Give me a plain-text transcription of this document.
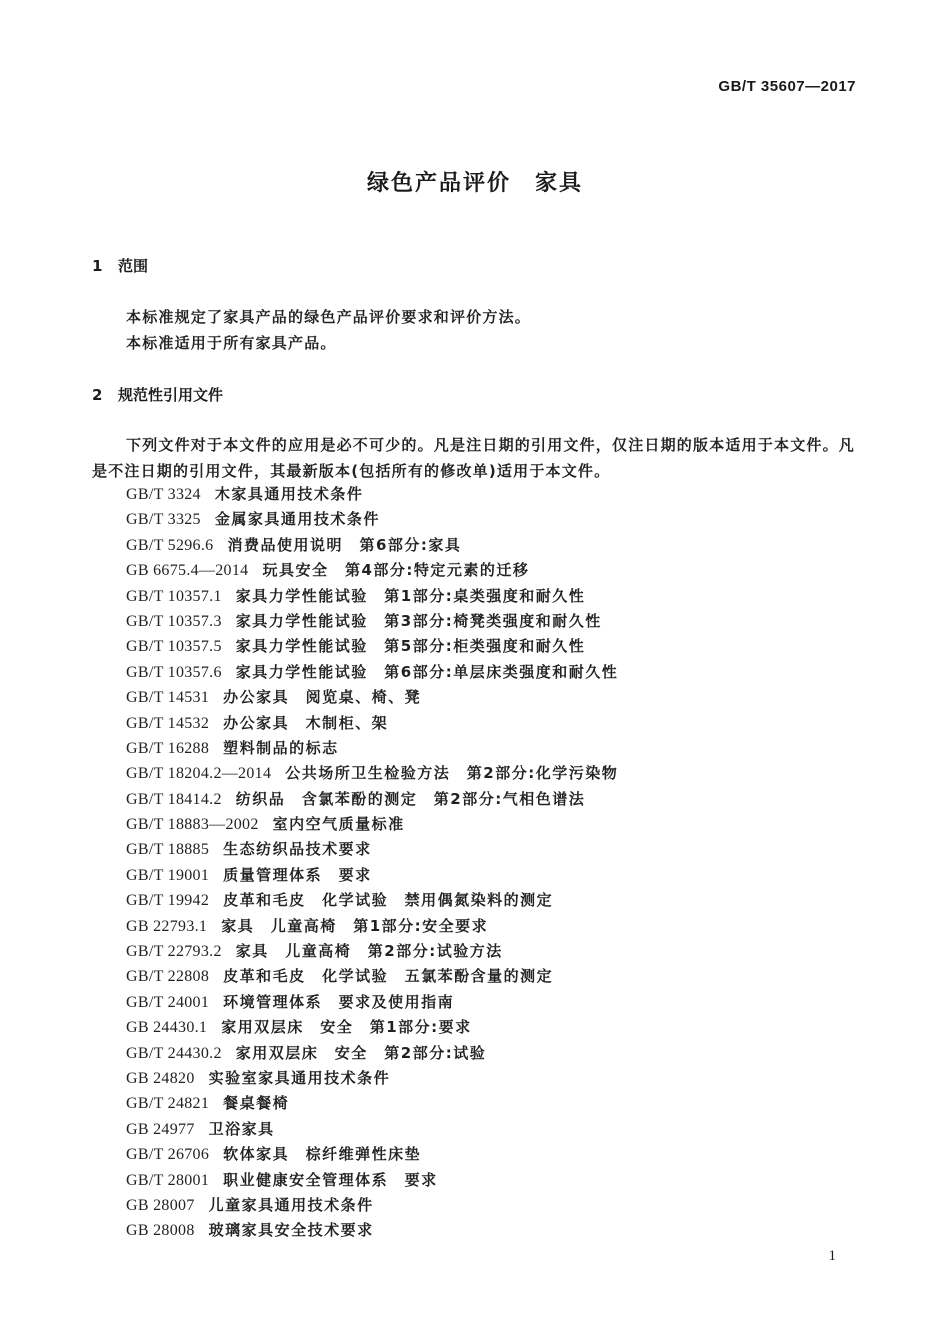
GB/T 35607—2017
绿色产品评价　家具
1 范围
本标准规定了家具产品的绿色产品评价要求和评价方法。
本标准适用于所有家具产品。
2 规范性引用文件
下列文件对于本文件的应用是必不可少的。凡是注日期的引用文件，仅注日期的版本适用于本文件。凡是不注日期的引用文件，其最新版本(包括所有的修改单)适用于本文件。
GB/T 3324 木家具通用技术条件
GB/T 3325 金属家具通用技术条件
GB/T 5296.6 消费品使用说明　第6部分:家具
GB 6675.4—2014 玩具安全　第4部分:特定元素的迁移
GB/T 10357.1 家具力学性能试验　第1部分:桌类强度和耐久性
GB/T 10357.3 家具力学性能试验　第3部分:椅凳类强度和耐久性
GB/T 10357.5 家具力学性能试验　第5部分:柜类强度和耐久性
GB/T 10357.6 家具力学性能试验　第6部分:单层床类强度和耐久性
GB/T 14531 办公家具　阅览桌、椅、凳
GB/T 14532 办公家具　木制柜、架
GB/T 16288 塑料制品的标志
GB/T 18204.2—2014 公共场所卫生检验方法　第2部分:化学污染物
GB/T 18414.2 纺织品　含氯苯酚的测定　第2部分:气相色谱法
GB/T 18883—2002 室内空气质量标准
GB/T 18885 生态纺织品技术要求
GB/T 19001 质量管理体系　要求
GB/T 19942 皮革和毛皮　化学试验　禁用偶氮染料的测定
GB 22793.1 家具　儿童高椅　第1部分:安全要求
GB/T 22793.2 家具　儿童高椅　第2部分:试验方法
GB/T 22808 皮革和毛皮　化学试验　五氯苯酚含量的测定
GB/T 24001 环境管理体系　要求及使用指南
GB 24430.1 家用双层床　安全　第1部分:要求
GB/T 24430.2 家用双层床　安全　第2部分:试验
GB 24820 实验室家具通用技术条件
GB/T 24821 餐桌餐椅
GB 24977 卫浴家具
GB/T 26706 软体家具　棕纤维弹性床垫
GB/T 28001 职业健康安全管理体系　要求
GB 28007 儿童家具通用技术条件
GB 28008 玻璃家具安全技术要求
1
